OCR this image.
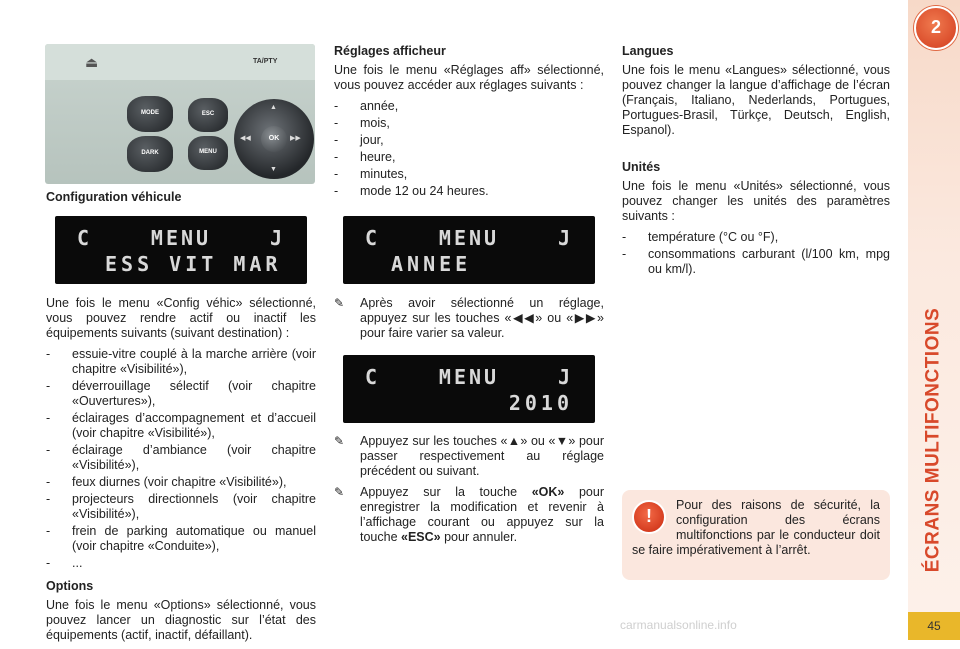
2
ÉCRANS MULTIFONCTIONS
45
⏏	TA/PTY
MODE
DARK
ESC
MENU
▲
▼
◀◀	▶▶
OK
Configuration véhicule
C	MENU	J
ESS VIT MAR

Une fois le menu «Config véhic» sélectionné, vous pouvez rendre actif ou inactif les équipements suivants (suivant destination) :

- essuie-vitre couplé à la marche arrière (voir chapitre «Visibilité»),
- déverrouillage sélectif (voir chapitre «Ouvertures»),
- éclairages d’accompagnement et d’accueil (voir chapitre «Visibilité»),
- éclairage d’ambiance (voir chapitre «Visibilité»),
- feux diurnes (voir chapitre «Visibilité»),
- projecteurs directionnels (voir chapitre «Visibilité»),
- frein de parking automatique ou manuel (voir chapitre «Conduite»),
- ...
Options

Une fois le menu «Options» sélectionné, vous pouvez lancer un diagnostic sur l’état des équipements (actif, inactif, défaillant).

Réglages afficheur

Une fois le menu «Réglages aff» sélectionné, vous pouvez accéder aux réglages suivants :

- année,
- mois,
- jour,
- heure,
- minutes,
- mode 12 ou 24 heures.
C	MENU	J
ANNEE
✎ Après avoir sélectionné un réglage, appuyez sur les touches «◀◀» ou «▶▶» pour faire varier sa valeur.
C	MENU	J
2010
✎ Appuyez sur les touches «▲» ou «▼» pour passer respectivement au réglage précédent ou suivant.
✎ Appuyez sur la touche «OK» pour enregistrer la modification et revenir à l’affichage courant ou appuyez sur la touche «ESC» pour annuler.
Langues

Une fois le menu «Langues» sélectionné, vous pouvez changer la langue d’affichage de l’écran (Français, Italiano, Nederlands, Portugues, Portugues-Brasil, Türkçe, Deutsch, English, Espanol).

Unités

Une fois le menu «Unités» sélectionné, vous pouvez changer les unités des paramètres suivants :

- température (°C ou °F),
- consommations carburant (l/100 km, mpg ou km/l).
!
Pour des raisons de sécurité, la configuration des écrans multifonctions par le conducteur doit se faire impérativement à l’arrêt.
carmanualsonline.info
